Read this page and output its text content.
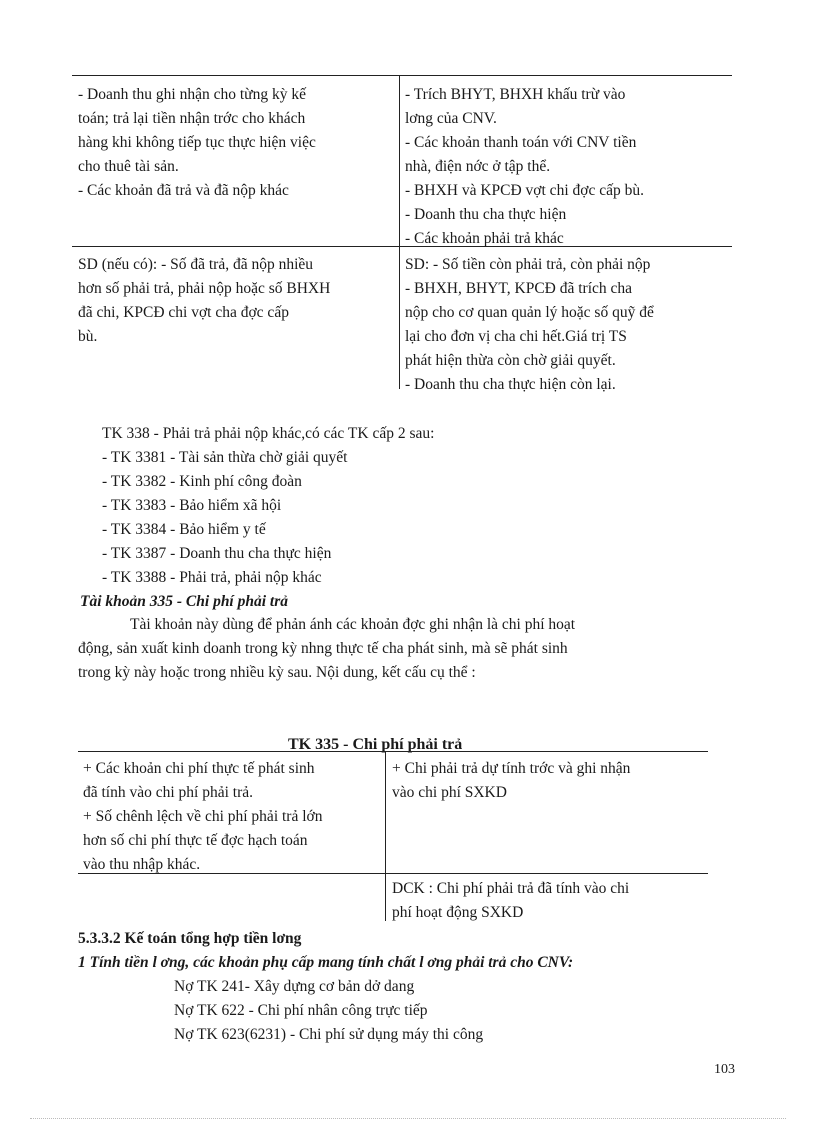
- Doanh thu ghi nhận cho từng kỳ kế
toán; trả lại tiền nhận trớc cho khách
hàng khi không tiếp tục thực hiện việc
cho thuê tài sản.
- Các khoản đã trả và đã nộp khác
- Trích BHYT, BHXH khấu trừ vào
lơng của CNV.
- Các khoản thanh toán với CNV tiền
nhà, điện nớc ở tập thể.
- BHXH và KPCĐ vợt chi đợc cấp bù.
- Doanh thu cha thực hiện
- Các khoản phải trả khác
SD (nếu có): - Số đã trả, đã nộp nhiều
hơn số phải trả, phải nộp hoặc số BHXH
đã chi, KPCĐ chi vợt cha đợc cấp
bù.
SD: - Số tiền còn phải trả, còn phải nộp
- BHXH, BHYT, KPCĐ đã trích cha
nộp cho cơ quan quản lý hoặc số quỹ để
lại cho đơn vị cha chi hết.Giá trị TS
phát hiện thừa còn chờ giải quyết.
- Doanh thu cha thực hiện còn lại.
TK 338 - Phải trả phải nộp khác,có các TK cấp 2 sau:
- TK 3381 - Tài sản thừa chờ giải quyết
- TK 3382 - Kinh phí công đoàn
- TK 3383 - Bảo hiểm xã hội
- TK 3384 - Bảo hiểm y tế
- TK 3387 - Doanh thu cha thực hiện
- TK 3388 - Phải trả, phải nộp khác
Tài khoản 335 - Chi phí phải trả
Tài khoản này dùng để phản ánh các khoản đợc ghi nhận là chi phí hoạt
động, sản xuất kinh doanh trong kỳ nhng thực tế cha phát sinh, mà sẽ phát sinh
trong kỳ này hoặc trong nhiều kỳ sau. Nội dung, kết cấu cụ thể :
TK 335 - Chi phí phải trả
+ Các khoản chi phí thực tế phát sinh
đã tính vào chi phí phải trả.
+ Số chênh lệch về chi phí phải trả lớn
hơn số chi phí thực tế đợc hạch toán
vào thu nhập khác.
+ Chi phải trả dự tính trớc và ghi nhận
vào chi phí SXKD
DCK : Chi phí phải trả đã tính vào chi
phí hoạt động SXKD
5.3.3.2 Kế toán tổng hợp tiền lơng
1 Tính tiền l ơng, các khoản phụ cấp mang tính chất l ơng phải trả cho CNV:
Nợ TK 241- Xây dựng cơ bản dở dang
Nợ TK 622 - Chi phí nhân công trực tiếp
Nợ TK 623(6231) - Chi phí sử dụng máy thi công
103
